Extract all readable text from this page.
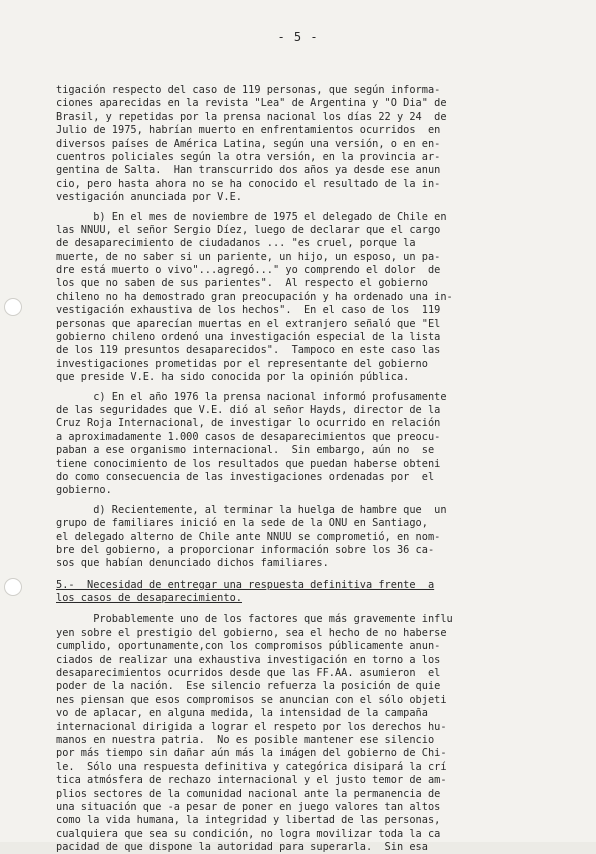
- 5 -
tigación respecto del caso de 119 personas, que según informa-
ciones aparecidas en la revista "Lea" de Argentina y "O Dia" de
Brasil, y repetidas por la prensa nacional los días 22 y 24  de
Julio de 1975, habrían muerto en enfrentamientos ocurridos  en
diversos países de América Latina, según una versión, o en en-
cuentros policiales según la otra versión, en la provincia ar-
gentina de Salta.  Han transcurrido dos años ya desde ese anun
cio, pero hasta ahora no se ha conocido el resultado de la in-
vestigación anunciada por V.E.
b) En el mes de noviembre de 1975 el delegado de Chile en
las NNUU, el señor Sergio Díez, luego de declarar que el cargo
de desaparecimiento de ciudadanos ... "es cruel, porque la
muerte, de no saber si un pariente, un hijo, un esposo, un pa-
dre está muerto o vivo"...agregó..." yo comprendo el dolor  de
los que no saben de sus parientes".  Al respecto el gobierno
chileno no ha demostrado gran preocupación y ha ordenado una in-
vestigación exhaustiva de los hechos".  En el caso de los  119
personas que aparecían muertas en el extranjero señaló que "El
gobierno chileno ordenó una investigación especial de la lista
de los 119 presuntos desaparecidos".  Tampoco en este caso las
investigaciones prometidas por el representante del gobierno
que preside V.E. ha sido conocida por la opinión pública.
c) En el año 1976 la prensa nacional informó profusamente
de las seguridades que V.E. dió al señor Hayds, director de la
Cruz Roja Internacional, de investigar lo ocurrido en relación
a aproximadamente 1.000 casos de desaparecimientos que preocu-
paban a ese organismo internacional.  Sin embargo, aún no  se
tiene conocimiento de los resultados que puedan haberse obteni
do como consecuencia de las investigaciones ordenadas por  el
gobierno.
d) Recientemente, al terminar la huelga de hambre que  un
grupo de familiares inició en la sede de la ONU en Santiago,
el delegado alterno de Chile ante NNUU se comprometió, en nom-
bre del gobierno, a proporcionar información sobre los 36 ca-
sos que habían denunciado dichos familiares.
5.-  Necesidad de entregar una respuesta definitiva frente  a
los casos de desaparecimiento.
Probablemente uno de los factores que más gravemente influ
yen sobre el prestigio del gobierno, sea el hecho de no haberse
cumplido, oportunamente,con los compromisos públicamente anun-
ciados de realizar una exhaustiva investigación en torno a los
desaparecimientos ocurridos desde que las FF.AA. asumieron  el
poder de la nación.  Ese silencio refuerza la posición de quie
nes piensan que esos compromisos se anuncian con el sólo objeti
vo de aplacar, en alguna medida, la intensidad de la campaña
internacional dirigida a lograr el respeto por los derechos hu-
manos en nuestra patria.  No es posible mantener ese silencio
por más tiempo sin dañar aún más la imágen del gobierno de Chi-
le.  Sólo una respuesta definitiva y categórica disipará la crí
tica atmósfera de rechazo internacional y el justo temor de am-
plios sectores de la comunidad nacional ante la permanencia de
una situación que -a pesar de poner en juego valores tan altos
como la vida humana, la integridad y libertad de las personas,
cualquiera que sea su condición, no logra movilizar toda la ca
pacidad de que dispone la autoridad para superarla.  Sin esa
